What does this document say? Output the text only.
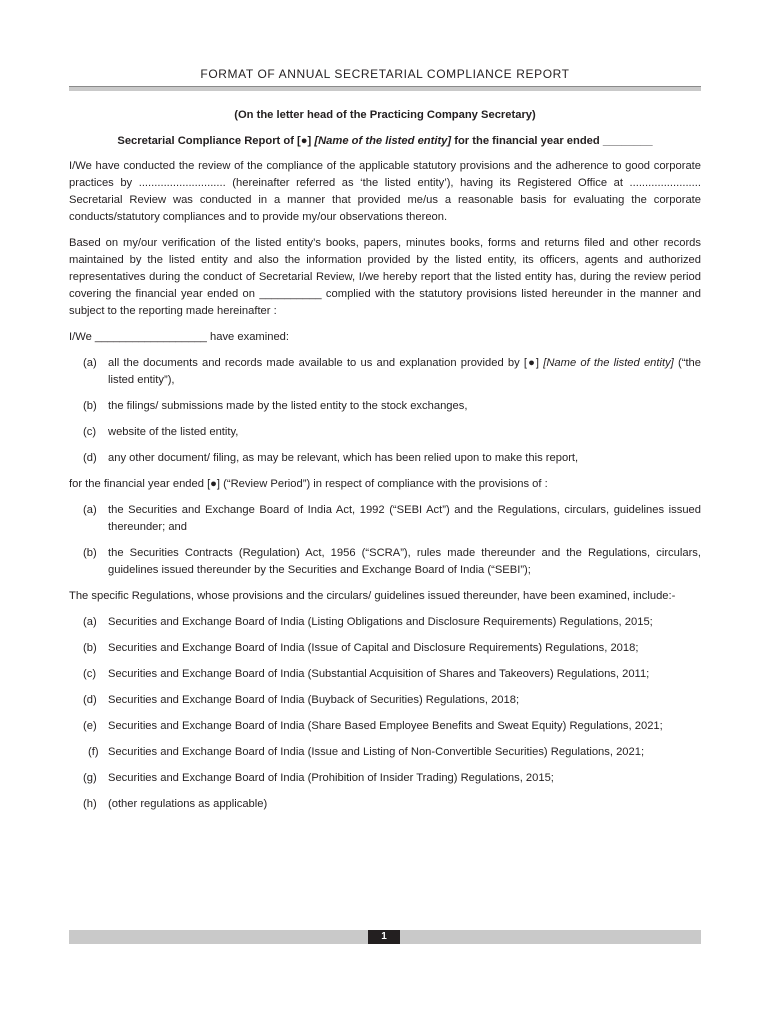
FORMAT OF ANNUAL SECRETARIAL COMPLIANCE REPORT
(On the letter head of the Practicing Company Secretary)
Secretarial Compliance Report of [●] [Name of the listed entity] for the financial year ended ________

I/We have conducted the review of the compliance of the applicable statutory provisions and the adherence to good corporate practices by ............................ (hereinafter referred as ‘the listed entity’), having its Registered Office at ....................... Secretarial Review was conducted in a manner that provided me/us a reasonable basis for evaluating the corporate conducts/statutory compliances and to provide my/our observations thereon.

Based on my/our verification of the listed entity’s books, papers, minutes books, forms and returns filed and other records maintained by the listed entity and also the information provided by the listed entity, its officers, agents and authorized representatives during the conduct of Secretarial Review, I/we hereby report that the listed entity has, during the review period covering the financial year ended on __________ complied with the statutory provisions listed hereunder in the manner and subject to the reporting made hereinafter :

I/We __________________ have examined:

(a) all the documents and records made available to us and explanation provided by [●] [Name of the listed entity] (“the listed entity”),
(b) the filings/ submissions made by the listed entity to the stock exchanges,
(c) website of the listed entity,
(d) any other document/ filing, as may be relevant, which has been relied upon to make this report,

for the financial year ended [●] (“Review Period”) in respect of compliance with the provisions of :

(a) the Securities and Exchange Board of India Act, 1992 (“SEBI Act”) and the Regulations, circulars, guidelines issued thereunder; and
(b) the Securities Contracts (Regulation) Act, 1956 (“SCRA”), rules made thereunder and the Regulations, circulars, guidelines issued thereunder by the Securities and Exchange Board of India (“SEBI”);

The specific Regulations, whose provisions and the circulars/ guidelines issued thereunder, have been examined, include:-

(a) Securities and Exchange Board of India (Listing Obligations and Disclosure Requirements) Regulations, 2015;
(b) Securities and Exchange Board of India (Issue of Capital and Disclosure Requirements) Regulations, 2018;
(c) Securities and Exchange Board of India (Substantial Acquisition of Shares and Takeovers) Regulations, 2011;
(d) Securities and Exchange Board of India (Buyback of Securities) Regulations, 2018;
(e) Securities and Exchange Board of India (Share Based Employee Benefits and Sweat Equity) Regulations, 2021;
(f) Securities and Exchange Board of India (Issue and Listing of Non-Convertible Securities) Regulations, 2021;
(g) Securities and Exchange Board of India (Prohibition of Insider Trading) Regulations, 2015;
(h) (other regulations as applicable)
1
